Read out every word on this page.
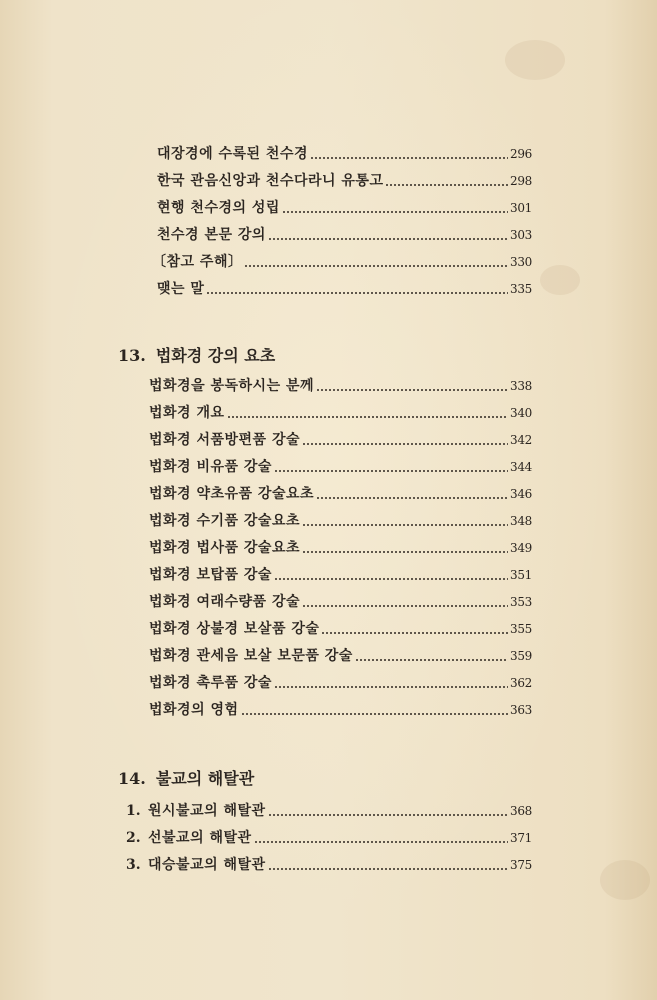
대장경에 수록된 천수경	296
한국 관음신앙과 천수다라니 유통고	298
현행 천수경의 성립	301
천수경 본문 강의	303
〔참고 주해〕	330
맺는 말	335
13. 법화경 강의 요초
법화경을 봉독하시는 분께	338
법화경 개요	340
법화경 서품방편품 강술	342
법화경 비유품 강술	344
법화경 약초유품 강술요초	346
법화경 수기품 강술요초	348
법화경 법사품 강술요초	349
법화경 보탑품 강술	351
법화경 여래수량품 강술	353
법화경 상불경 보살품 강술	355
법화경 관세음 보살 보문품 강술	359
법화경 촉루품 강술	362
법화경의 영험	363
14. 불교의 해탈관
1. 원시불교의 해탈관	368
2. 선불교의 해탈관	371
3. 대승불교의 해탈관	375
